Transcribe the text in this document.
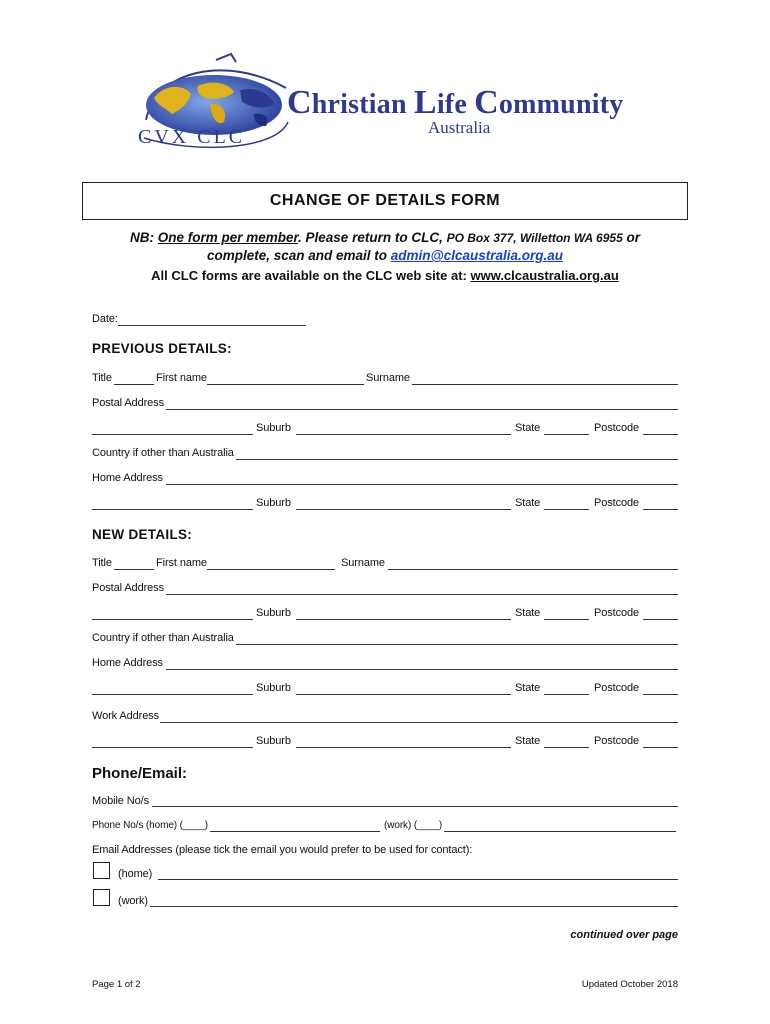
Christian Life Community
Australia
CVX CLC
CHANGE OF DETAILS FORM
NB: One form per member. Please return to CLC, PO Box 377, Willetton WA 6955 or
complete, scan and email to admin@clcaustralia.org.au
All CLC forms are available on the CLC web site at: www.clcaustralia.org.au
Date:
PREVIOUS DETAILS:
Title	First name	Surname
Postal Address
Suburb	State	Postcode
Country if other than Australia
Home Address
Suburb	State	Postcode
NEW DETAILS:
Title	First name	Surname
Postal Address
Suburb	State	Postcode
Country if other than Australia
Home Address
Suburb	State	Postcode
Work Address
Suburb	State	Postcode
Phone/Email:
Mobile No/s
Phone No/s (home) (____)	(work) (____)
Email Addresses (please tick the email you would prefer to be used for contact):
(home)
(work)
continued over page
Page 1 of 2	Updated October 2018
